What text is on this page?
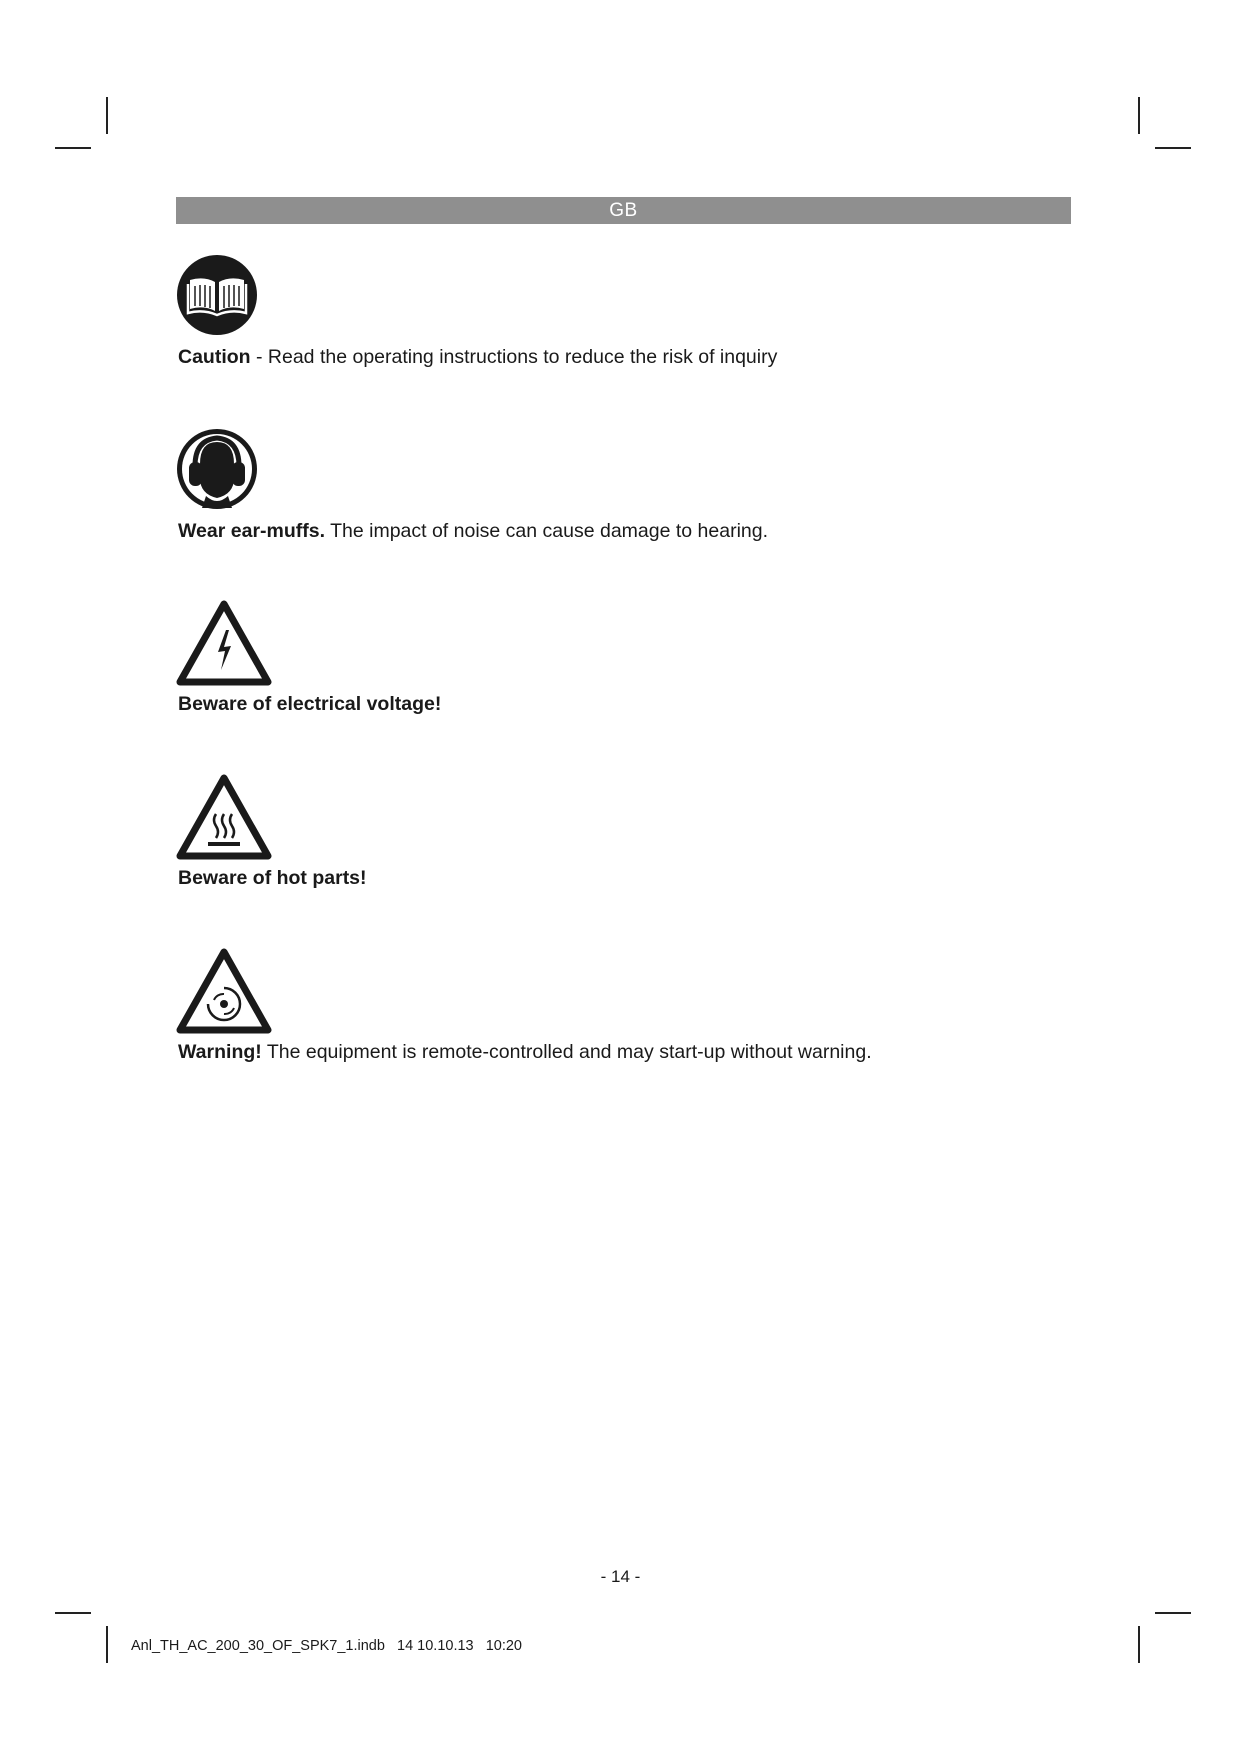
GB
Caution - Read the operating instructions to reduce the risk of inquiry
Wear ear-muffs. The impact of noise can cause damage to hearing.
Beware of electrical voltage!
Beware of hot parts!
Warning! The equipment is remote-controlled and may start-up without warning.
- 14 -
Anl_TH_AC_200_30_OF_SPK7_1.indb   14 10.10.13   10:20
